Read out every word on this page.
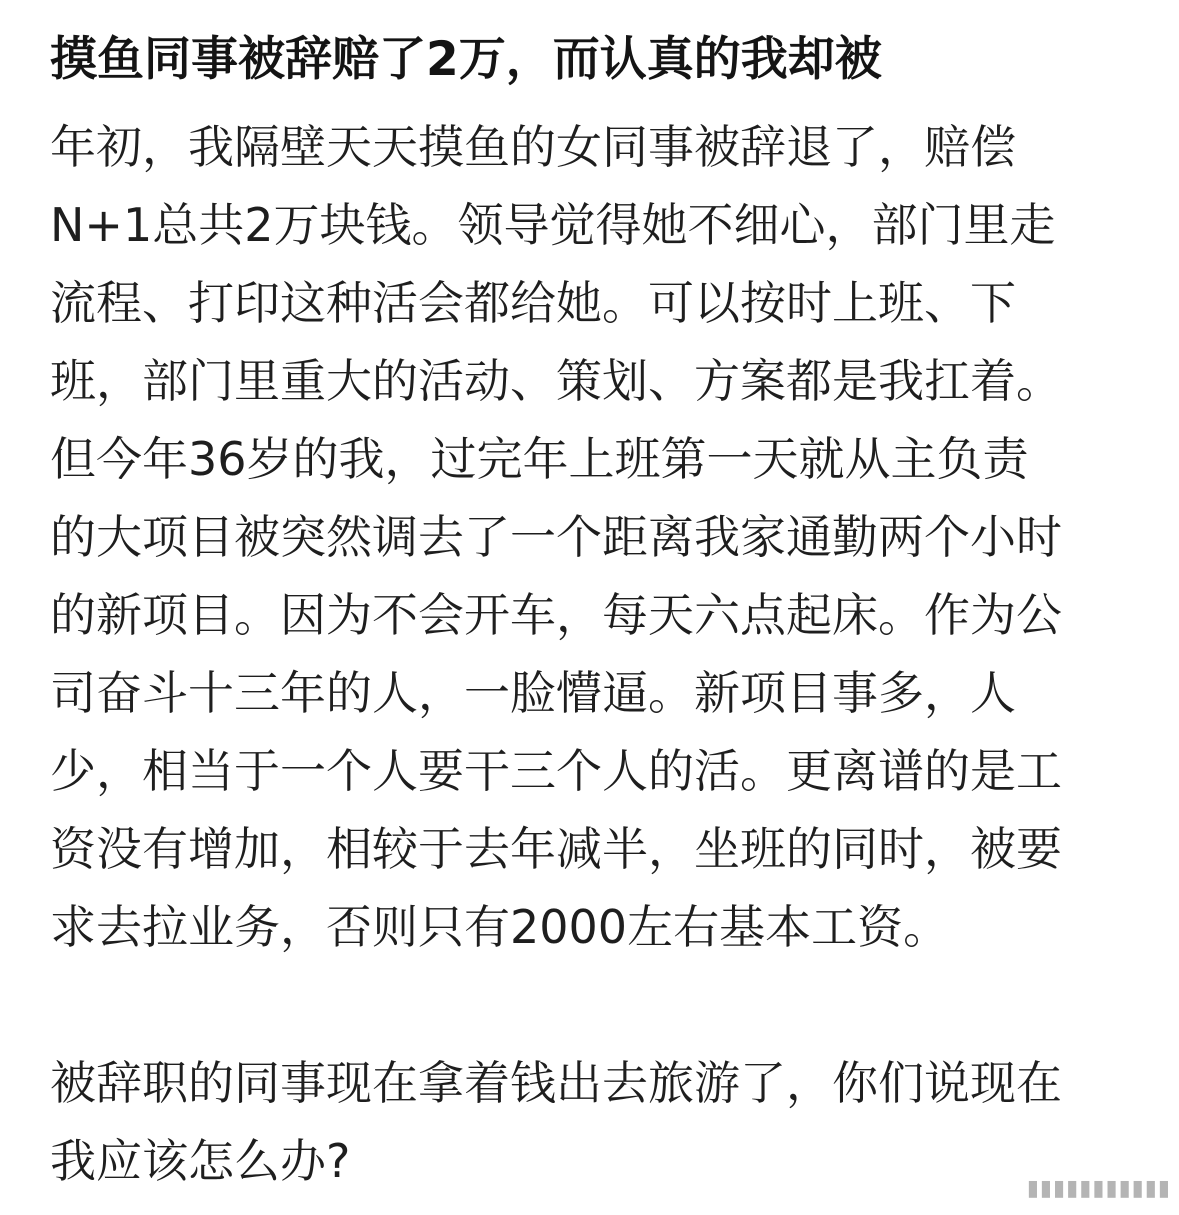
摸鱼同事被辞赔了2万，而认真的我却被
年初，我隔壁天天摸鱼的女同事被辞退了，赔偿
N+1总共2万块钱。领导觉得她不细心，部门里走
流程、打印这种活会都给她。可以按时上班、下
班，部门里重大的活动、策划、方案都是我扛着。
但今年36岁的我，过完年上班第一天就从主负责
的大项目被突然调去了一个距离我家通勤两个小时
的新项目。因为不会开车，每天六点起床。作为公
司奋斗十三年的人，一脸懵逼。新项目事多，人
少，相当于一个人要干三个人的活。更离谱的是工
资没有增加，相较于去年减半，坐班的同时，被要
求去拉业务，否则只有2000左右基本工资。
被辞职的同事现在拿着钱出去旅游了，你们说现在
我应该怎么办?
▮▮▮▮▮▮▮▮▮▮▮
